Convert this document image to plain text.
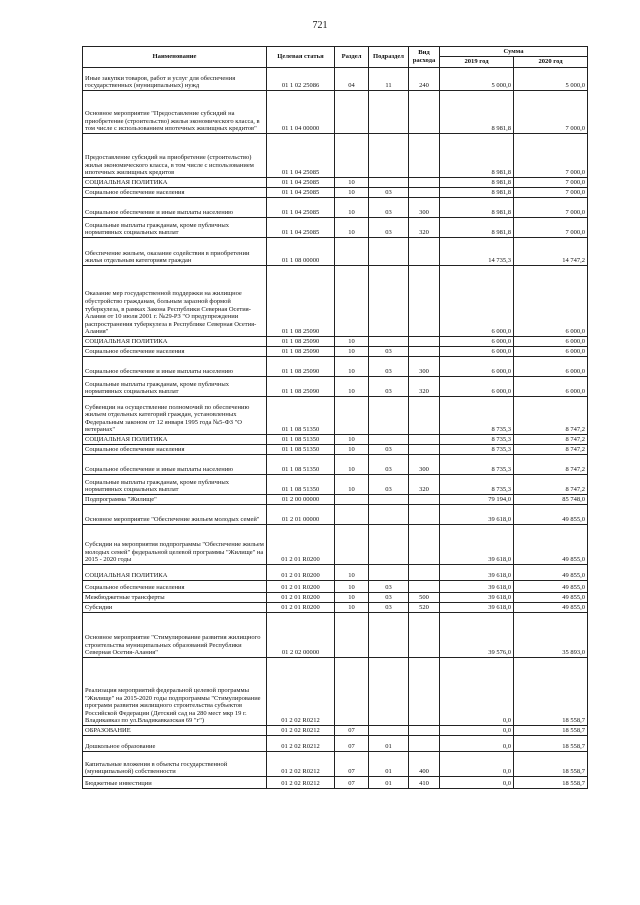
721
Наименование	Целевая статья	Раздел	Подраздел	Вид расхода	Сумма	
					2019 год	2020 год
Иные закупки товаров, работ и услуг для обеспечения государственных (муниципальных) нужд	01 1 02 25086	04	11	240	5 000,0	5 000,0
Основное мероприятие "Предоставление субсидий на приобретение (строительство) жилья экономического класса, в том числе с использованием ипотечных жилищных кредитов"	01 1 04 00000				8 981,8	7 000,0
Предоставление субсидий на приобретение (строительство) жилья экономического класса, в том числе с использованием ипотечных жилищных кредитов	01 1 04 25085				8 981,8	7 000,0
СОЦИАЛЬНАЯ ПОЛИТИКА	01 1 04 25085	10			8 981,8	7 000,0
Социальное обеспечение населения	01 1 04 25085	10	03		8 981,8	7 000,0
Социальное обеспечение и иные выплаты населению	01 1 04 25085	10	03	300	8 981,8	7 000,0
Социальные выплаты гражданам, кроме публичных нормативных социальных выплат	01 1 04 25085	10	03	320	8 981,8	7 000,0
Обеспечение жильем, оказание содействия в приобретении жилья отдельным категориям граждан	01 1 08 00000				14 735,3	14 747,2
Оказание мер государственной поддержки на жилищное обустройство гражданам, больным заразной формой туберкулеза, в рамках Закона Республики Северная Осетия-Алания от 10 июля 2001 г. №29-РЗ "О предупреждении распространения туберкулеза в Республике Северная Осетия-Алания"	01 1 08 25090				6 000,0	6 000,0
СОЦИАЛЬНАЯ ПОЛИТИКА	01 1 08 25090	10			6 000,0	6 000,0
Социальное обеспечение населения	01 1 08 25090	10	03		6 000,0	6 000,0
Социальное обеспечение и иные выплаты населению	01 1 08 25090	10	03	300	6 000,0	6 000,0
Социальные выплаты гражданам, кроме публичных нормативных социальных выплат	01 1 08 25090	10	03	320	6 000,0	6 000,0
Субвенции на осуществление полномочий по обеспечению жильем отдельных категорий граждан, установленных Федеральным законом от 12 января 1995 года №5-ФЗ "О ветеранах"	01 1 08 51350				8 735,3	8 747,2
СОЦИАЛЬНАЯ ПОЛИТИКА	01 1 08 51350	10			8 735,3	8 747,2
Социальное обеспечение населения	01 1 08 51350	10	03		8 735,3	8 747,2
Социальное обеспечение и иные выплаты населению	01 1 08 51350	10	03	300	8 735,3	8 747,2
Социальные выплаты гражданам, кроме публичных нормативных социальных выплат	01 1 08 51350	10	03	320	8 735,3	8 747,2
Подпрограмма "Жилище"	01 2 00 00000				79 194,0	85 748,0
Основное мероприятие "Обеспечение жильем молодых семей"	01 2 01 00000				39 618,0	49 855,0
Субсидии на мероприятия подпрограммы "Обеспечение жильем молодых семей" федеральной целевой программы "Жилище" на 2015 - 2020 годы	01 2 01 R0200				39 618,0	49 855,0
СОЦИАЛЬНАЯ ПОЛИТИКА	01 2 01 R0200	10			39 618,0	49 855,0
Социальное обеспечение населения	01 2 01 R0200	10	03		39 618,0	49 855,0
Межбюджетные трансферты	01 2 01 R0200	10	03	500	39 618,0	49 855,0
Субсидии	01 2 01 R0200	10	03	520	39 618,0	49 855,0
Основное мероприятие "Стимулирование развития жилищного строительства муниципальных образований Республики Северная Осетия-Алания"	01 2 02 00000				39 576,0	35 893,0
Реализация мероприятий федеральной целевой программы "Жилище" на 2015-2020 годы подпрограммы "Стимулирование программ развития жилищного строительства субъектов Российской Федерации (Детский сад на 280 мест мкр 19 г. Владикавказ по ул.Владикавказская 69 "г")	01 2 02 R0212				0,0	18 558,7
ОБРАЗОВАНИЕ	01 2 02 R0212	07			0,0	18 558,7
Дошкольное образование	01 2 02 R0212	07	01		0,0	18 558,7
Капитальные вложения в объекты государственной (муниципальной) собственности	01 2 02 R0212	07	01	400	0,0	18 558,7
Бюджетные инвестиции	01 2 02 R0212	07	01	410	0,0	18 558,7
